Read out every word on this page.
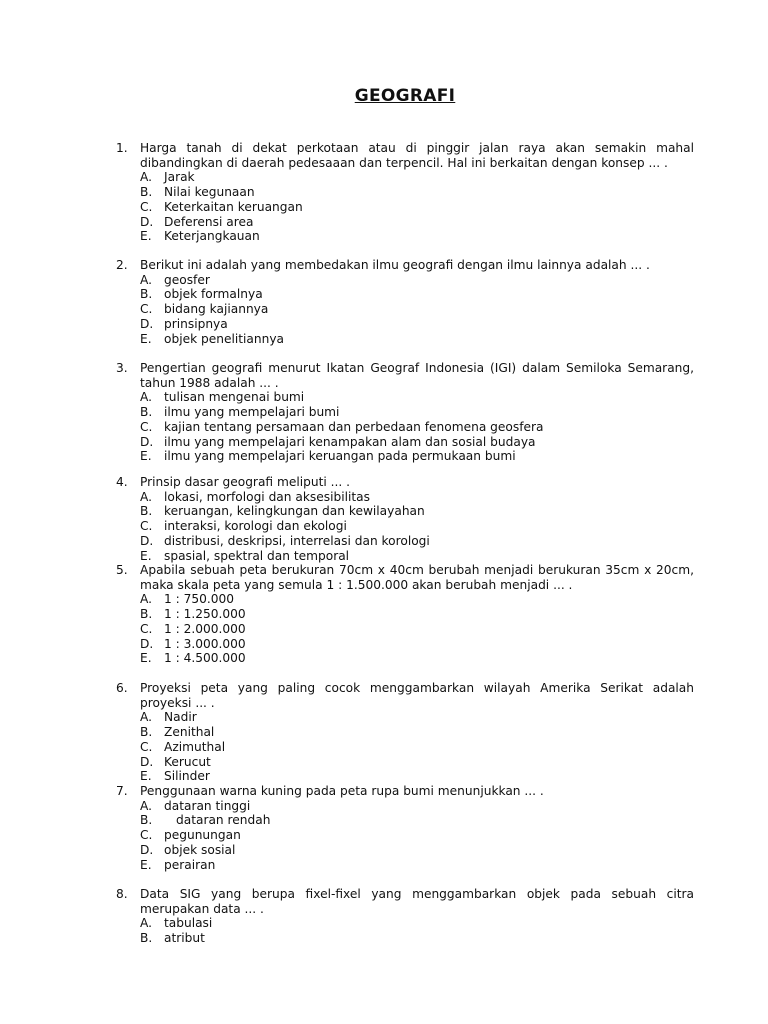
GEOGRAFI
1.	Harga tanah di dekat perkotaan atau di pinggir jalan raya akan semakin mahal dibandingkan di daerah pedesaaan dan terpencil. Hal ini berkaitan dengan konsep ... .
A. Jarak
B. Nilai kegunaan
C. Keterkaitan keruangan
D. Deferensi area
E.	Keterjangkauan
2.	Berikut ini adalah yang membedakan ilmu geografi dengan ilmu lainnya adalah ... .
A. geosfer
B. objek formalnya
C. bidang kajiannya
D. prinsipnya
E.	objek penelitiannya
3.	Pengertian geografi menurut Ikatan Geograf Indonesia (IGI) dalam Semiloka Semarang, tahun 1988 adalah ... .
A. tulisan mengenai bumi
B. ilmu yang mempelajari bumi
C. kajian tentang persamaan dan perbedaan fenomena geosfera
D. ilmu yang mempelajari kenampakan alam dan sosial budaya
E.	ilmu yang mempelajari keruangan pada permukaan bumi
4.	Prinsip dasar geografi meliputi ... .
A. lokasi, morfologi dan aksesibilitas
B. keruangan, kelingkungan dan kewilayahan
C. interaksi, korologi dan ekologi
D. distribusi, deskripsi, interrelasi dan korologi
E.	spasial, spektral dan temporal
5.	Apabila sebuah peta berukuran 70cm x 40cm berubah menjadi berukuran 35cm x 20cm, maka skala peta yang semula 1 : 1.500.000 akan berubah menjadi ... .
A. 1 : 750.000
B. 1 : 1.250.000
C. 1 : 2.000.000
D. 1 : 3.000.000
E.	1 : 4.500.000
6.	Proyeksi peta yang paling cocok menggambarkan wilayah Amerika Serikat adalah proyeksi ... .
A. Nadir
B. Zenithal
C. Azimuthal
D. Kerucut
E.	Silinder
7.	Penggunaan warna kuning pada peta rupa bumi menunjukkan ... .
A. dataran tinggi
B.	dataran rendah
C. pegunungan
D. objek sosial
E.	perairan
8.	Data SIG yang berupa fixel-fixel yang menggambarkan objek pada sebuah citra merupakan data ... .
A. tabulasi
B. atribut
